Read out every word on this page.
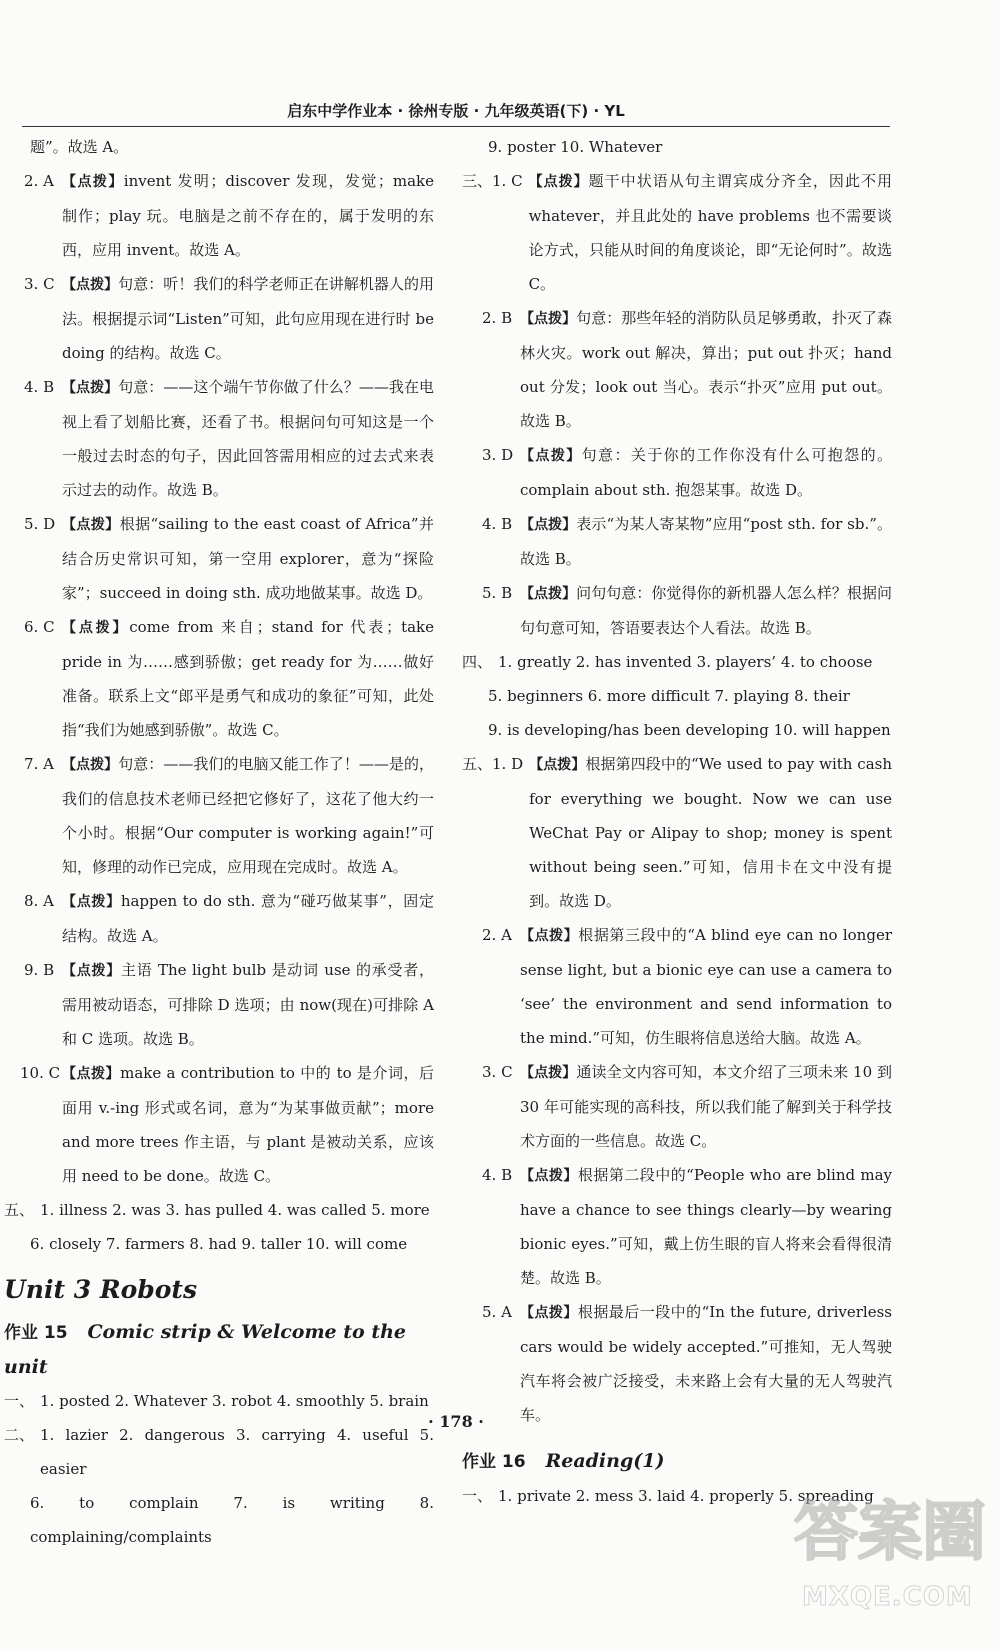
启东中学作业本 · 徐州专版 · 九年级英语(下) · YL
题”。故选 A。
2. A 【点拨】invent 发明；discover 发现，发觉；make 制作；play 玩。电脑是之前不存在的，属于发明的东西，应用 invent。故选 A。
3. C 【点拨】句意：听！我们的科学老师正在讲解机器人的用法。根据提示词“Listen”可知，此句应用现在进行时 be doing 的结构。故选 C。
4. B 【点拨】句意：——这个端午节你做了什么？——我在电视上看了划船比赛，还看了书。根据问句可知这是一个一般过去时态的句子，因此回答需用相应的过去式来表示过去的动作。故选 B。
5. D 【点拨】根据“sailing to the east coast of Africa”并结合历史常识可知，第一空用 explorer，意为“探险家”；succeed in doing sth. 成功地做某事。故选 D。
6. C 【点拨】come from 来自；stand for 代表；take pride in 为……感到骄傲；get ready for 为……做好准备。联系上文“郎平是勇气和成功的象征”可知，此处指“我们为她感到骄傲”。故选 C。
7. A 【点拨】句意：——我们的电脑又能工作了！——是的，我们的信息技术老师已经把它修好了，这花了他大约一个小时。根据“Our computer is working again!”可知，修理的动作已完成，应用现在完成时。故选 A。
8. A 【点拨】happen to do sth. 意为“碰巧做某事”，固定结构。故选 A。
9. B 【点拨】主语 The light bulb 是动词 use 的承受者，需用被动语态，可排除 D 选项；由 now(现在)可排除 A 和 C 选项。故选 B。
10. C 【点拨】make a contribution to 中的 to 是介词，后面用 v.-ing 形式或名词，意为“为某事做贡献”；more and more trees 作主语，与 plant 是被动关系，应该用 need to be done。故选 C。
五、 1. illness 2. was 3. has pulled 4. was called 5. more
6. closely 7. farmers 8. had 9. taller 10. will come
Unit 3 Robots
作业 15 Comic strip & Welcome to the unit
一、 1. posted 2. Whatever 3. robot 4. smoothly 5. brain
二、 1. lazier 2. dangerous 3. carrying 4. useful 5. easier
6. to complain 7. is writing 8. complaining/complaints
9. poster 10. Whatever
三、1. C 【点拨】题干中状语从句主谓宾成分齐全，因此不用 whatever，并且此处的 have problems 也不需要谈论方式，只能从时间的角度谈论，即“无论何时”。故选 C。
2. B 【点拨】句意：那些年轻的消防队员足够勇敢，扑灭了森林火灾。work out 解决，算出；put out 扑灭；hand out 分发；look out 当心。表示“扑灭”应用 put out。故选 B。
3. D 【点拨】句意：关于你的工作你没有什么可抱怨的。complain about sth. 抱怨某事。故选 D。
4. B 【点拨】表示“为某人寄某物”应用“post sth. for sb.”。故选 B。
5. B 【点拨】问句句意：你觉得你的新机器人怎么样？根据问句句意可知，答语要表达个人看法。故选 B。
四、 1. greatly 2. has invented 3. players’ 4. to choose
5. beginners 6. more difficult 7. playing 8. their
9. is developing/has been developing 10. will happen
五、1. D 【点拨】根据第四段中的“We used to pay with cash for everything we bought. Now we can use WeChat Pay or Alipay to shop; money is spent without being seen.”可知，信用卡在文中没有提到。故选 D。
2. A 【点拨】根据第三段中的“A blind eye can no longer sense light, but a bionic eye can use a camera to ‘see’ the environment and send information to the mind.”可知，仿生眼将信息送给大脑。故选 A。
3. C 【点拨】通读全文内容可知，本文介绍了三项未来 10 到 30 年可能实现的高科技，所以我们能了解到关于科学技术方面的一些信息。故选 C。
4. B 【点拨】根据第二段中的“People who are blind may have a chance to see things clearly—by wearing bionic eyes.”可知，戴上仿生眼的盲人将来会看得很清楚。故选 B。
5. A 【点拨】根据最后一段中的“In the future, driverless cars would be widely accepted.”可推知，无人驾驶汽车将会被广泛接受，未来路上会有大量的无人驾驶汽车。
作业 16 Reading(1)
一、 1. private 2. mess 3. laid 4. properly 5. spreading
· 178 ·
答案圈
MXQE.COM
